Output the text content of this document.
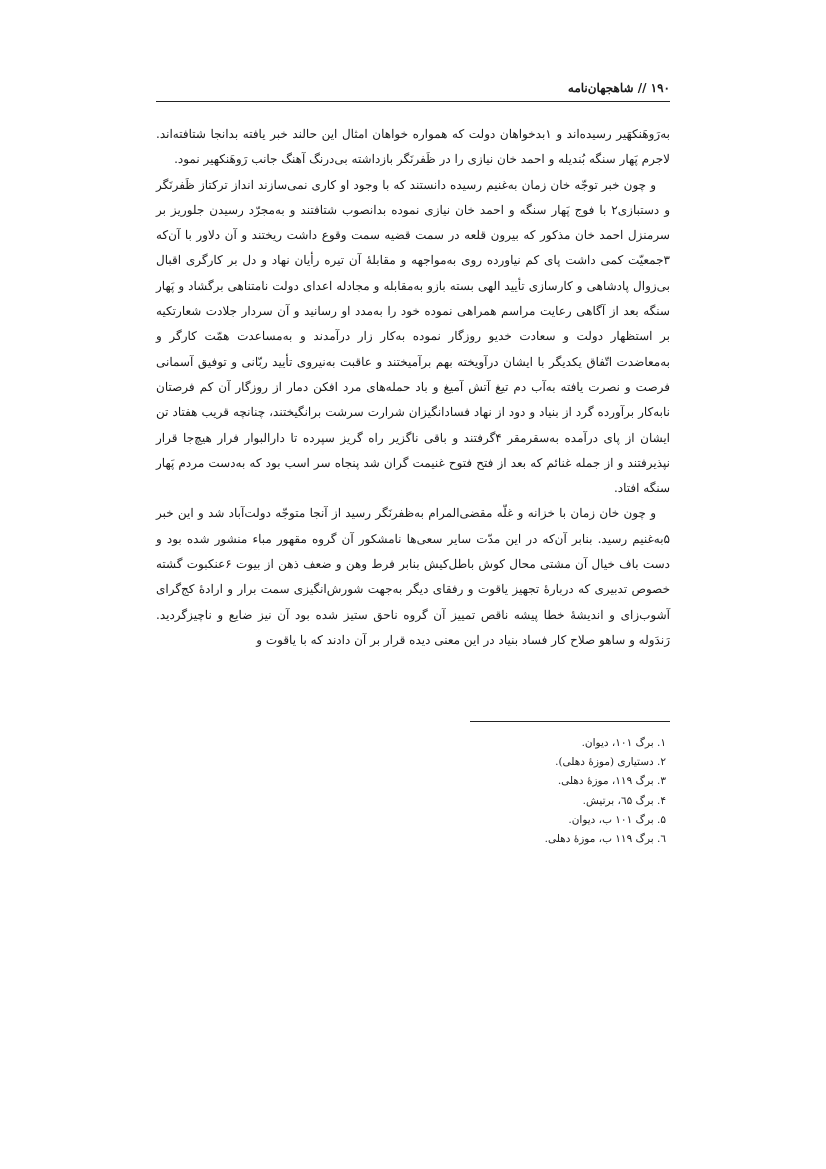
۱۹۰ // شاهجهان‌نامه

به‌رَوهَنکهَیر رسیده‌اند و ۱بدخواهان دولت که همواره خواهان امثال این حالند خبر یافته بدانجا شتافته‌اند. لاجرم پَهار سنگه بُندیله و احمد خان نیازی را در ظَفرنَگر بازداشته بی‌درنگ آهنگ جانب رَوهَنکهیر نمود.

و چون خبر توجّه خان زمان به‌غنیم رسیده دانستند که با وجود او کاری نمی‌سازند انداز ترکتاز ظَفرنَگر و دستبازی۲ با فوج پَهار سنگه و احمد خان نیازی نموده بدانصوب شتافتند و به‌مجرّد رسیدن جلوریز بر سرمنزل احمد خان مذکور که بیرون قلعه در سمت قضیه سمت وقوع داشت ریختند و آن دلاور با آن‌که ۳جمعیّت کمی داشت پای کم نیاورده روی به‌مواجهه و مقابلۀ آن تیره رأیان نهاد و دل بر کارگری اقبال بی‌زوال پادشاهی و کارسازی تأیید الهی بسته بازو به‌مقابله و مجادله اعدای دولت نامتناهی برگشاد و پَهار سنگه بعد از آگاهی رعایت مراسم همراهی نموده خود را به‌مدد او رسانید و آن سردار جلادت شعارتکیه بر استظهار دولت و سعادت خدیو روزگار نموده به‌کار زار درآمدند و به‌مساعدت همّت کارگر و به‌معاضدت اتّفاق یکدیگر با ایشان درآویخته بهم برآمیختند و عاقبت به‌نیروی تأیید ربّانی و توفیق آسمانی فرصت و نصرت یافته به‌آب دم تیغ آتش آمیغ و باد حمله‌های مرد افکن دمار از روزگار آن کم فرصتان نابه‌کار برآورده گرد از بنیاد و دود از نهاد فسادانگیزان شرارت سرشت برانگیختند، چنانچه قریب هفتاد تن ایشان از پای درآمده به‌سقرمقر ۴گرفتند و باقی ناگزیر راه گریز سپرده تا دارالبوار فرار هیچ‌جا قرار نپذیرفتند و از جمله غنائم که بعد از فتح فتوح غنیمت گران شد پنجاه سر اسب بود که به‌دست مردم پَهار سنگه افتاد.

و چون خان زمان با خزانه و غلّه مقضی‌المرام به‌ظفرنَگر رسید از آنجا متوجّه دولت‌آباد شد و این خبر ۵به‌غنیم رسید. بنابر آن‌که در این مدّت سایر سعی‌ها نامشکور آن گروه مقهور مباء منشور شده بود و دست باف خیال آن مشتی محال کوش باطل‌کیش بنابر فرط وهن و ضعف ذهن از بیوت ۶عنکبوت گشته خصوص تدبیری که دربارۀ تجهیز یاقوت و رفقای دیگر به‌جهت شورش‌انگیزی سمت برار و ارادۀ کج‌گرای آشوب‌زای و اندیشۀ خطا پیشه ناقص تمییز آن گروه ناحق ستیز شده بود آن نیز ضایع و ناچیزگردید. رَندَوله و ساهو صلاح کار فساد بنیاد در این معنی دیده قرار بر آن دادند که با یاقوت و

۱. برگ ۱۰۱، دیوان.
۲. دستیاری (موزۀ دهلی).
۳. برگ ۱۱۹، موزۀ دهلی.
۴. برگ ٦۵، برتیش.
۵. برگ ۱۰۱ ب، دیوان.
٦. برگ ۱۱۹ ب، موزۀ دهلی.
